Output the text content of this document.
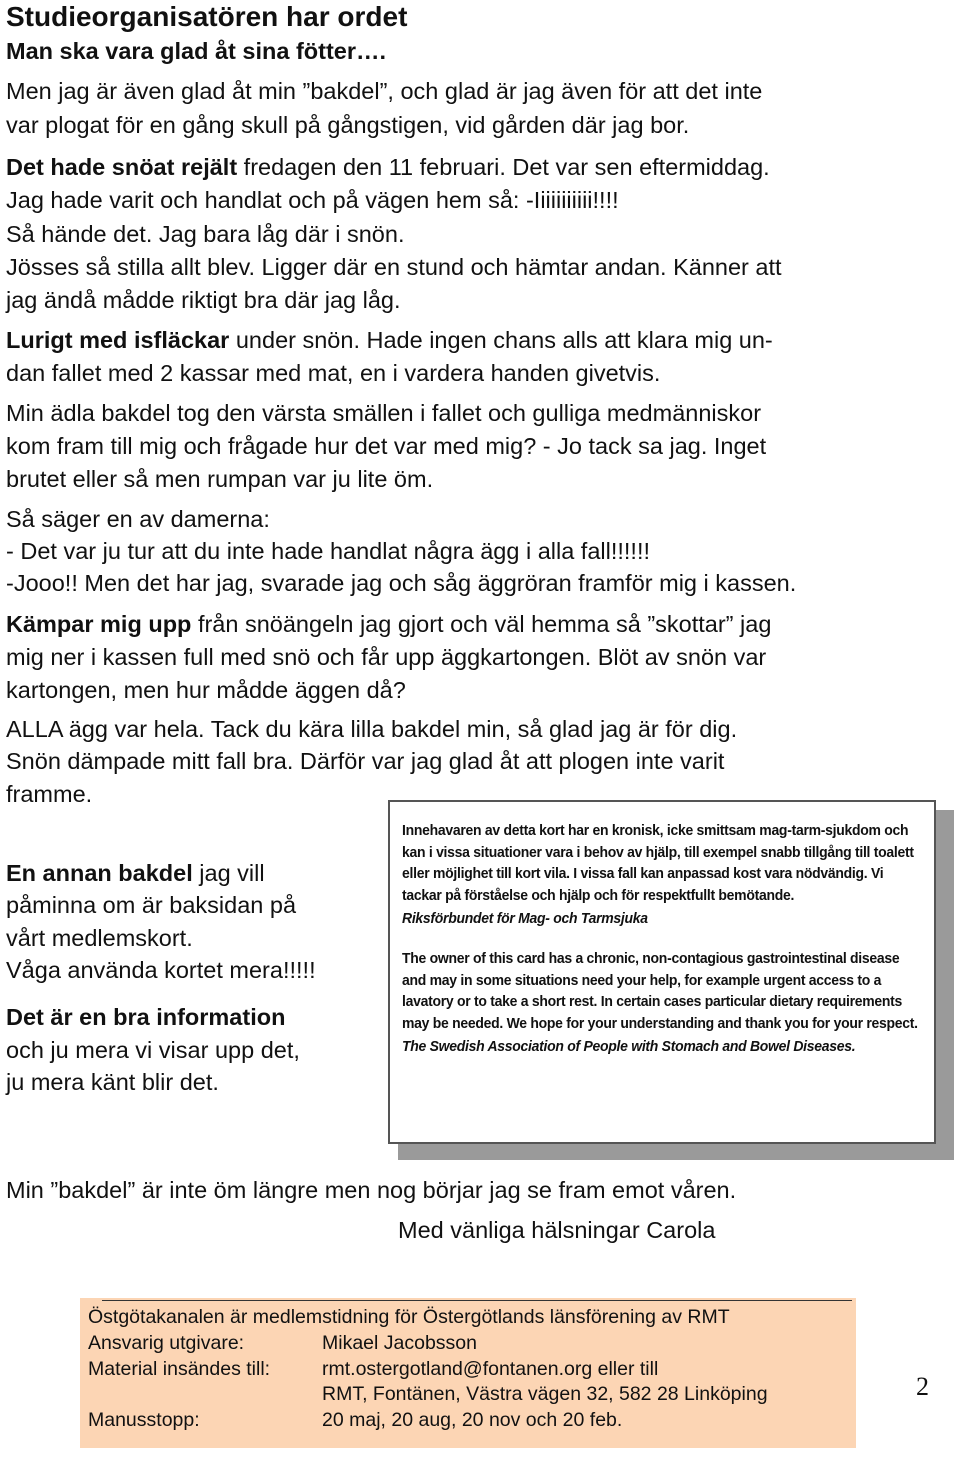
Studieorganisatören har ordet
Man ska vara glad åt sina fötter….
Men jag är även glad åt min ”bakdel”, och glad är jag även för att det inte
var plogat för en gång skull på gångstigen, vid gården där jag bor.
Det hade snöat rejält fredagen den 11 februari. Det var sen eftermiddag.
Jag hade varit och handlat och på vägen hem så: -Iiiiiiiiiii!!!!
Så hände det. Jag bara låg där i snön.
Jösses så stilla allt blev. Ligger där en stund och hämtar andan. Känner att
jag ändå mådde riktigt bra där jag låg.
Lurigt med isfläckar under snön. Hade ingen chans alls att klara mig un-
dan fallet med 2 kassar med mat, en i vardera handen givetvis.
Min ädla bakdel tog den värsta smällen i fallet och gulliga medmänniskor
kom fram till mig och frågade hur det var med mig? - Jo tack sa jag. Inget
brutet eller så men rumpan var ju lite öm.
Så säger en av damerna:
- Det var ju tur att du inte hade handlat några ägg i alla fall!!!!!!
-Jooo!! Men det har jag, svarade jag och såg äggröran framför mig i kassen.
Kämpar mig upp från snöängeln jag gjort och väl hemma så ”skottar” jag
mig ner i kassen full med snö och får upp äggkartongen. Blöt av snön var
kartongen, men hur mådde äggen då?
ALLA ägg var hela. Tack du kära lilla bakdel min, så glad jag är för dig.
Snön dämpade mitt fall bra. Därför var jag glad åt att plogen inte varit
framme.
En annan bakdel jag vill
påminna om är baksidan på
vårt medlemskort.
Våga använda kortet mera!!!!!
Det är en bra information
och ju mera vi visar upp det,
ju mera känt blir det.

Innehavaren av detta kort har en kronisk, icke smittsam mag-tarm-sjukdom och kan i vissa situationer vara i behov av hjälp, till exempel snabb tillgång till toalett eller möjlighet till kort vila. I vissa fall kan anpassad kost vara nödvändig. Vi tackar på förståelse och hjälp och för respektfullt bemötande.

Riksförbundet för Mag- och Tarmsjuka

The owner of this card has a chronic, non-contagious gastrointestinal disease and may in some situations need your help, for example urgent access to a lavatory or to take a short rest. In certain cases particular dietary requirements may be needed. We hope for your understanding and thank you for your respect.

The Swedish Association of People with Stomach and Bowel Diseases.

Min ”bakdel” är inte öm längre men nog börjar jag se fram emot våren.
Med vänliga hälsningar Carola
Östgötakanalen är medlemstidning för Östergötlands länsförening av RMT
Ansvarig utgivare:	Mikael Jacobsson
Material insändes till:	rmt.ostergotland@fontanen.org eller till
RMT, Fontänen, Västra vägen 32, 582 28 Linköping
Manusstopp:	20 maj, 20 aug, 20 nov och 20 feb.
2
